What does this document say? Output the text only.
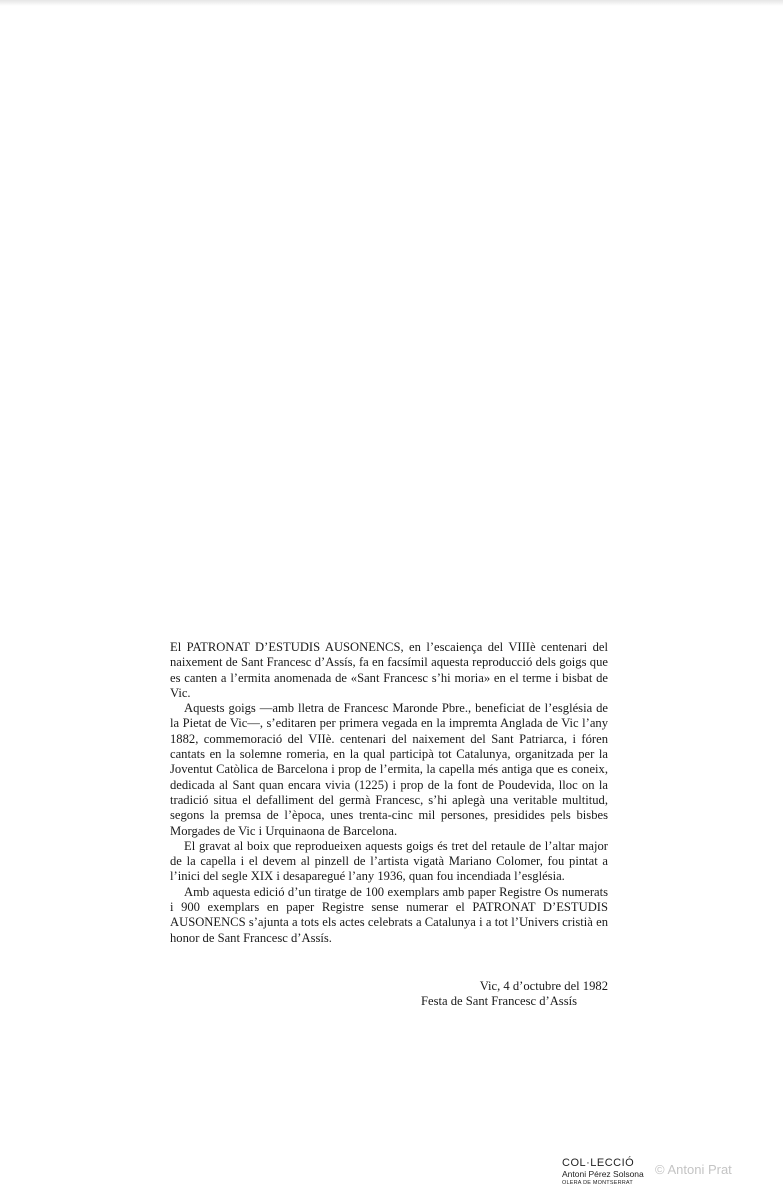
El PATRONAT D’ESTUDIS AUSONENCS, en l’escaiença del VIIIè centenari del naixement de Sant Francesc d’Assís, fa en facsímil aquesta reproducció dels goigs que es canten a l’ermita anomenada de «Sant Francesc s’hi moria» en el terme i bisbat de Vic.

Aquests goigs —amb lletra de Francesc Maronde Pbre., beneficiat de l’església de la Pietat de Vic—, s’editaren per primera vegada en la impremta Anglada de Vic l’any 1882, commemoració del VIIè. centenari del naixement del Sant Patriarca, i fóren cantats en la solemne romeria, en la qual participà tot Catalunya, organitzada per la Joventut Catòlica de Barcelona i prop de l’ermita, la capella més antiga que es coneix, dedicada al Sant quan encara vivia (1225) i prop de la font de Poudevida, lloc on la tradició situa el defalliment del germà Francesc, s’hi aplegà una veritable multitud, segons la premsa de l’època, unes trenta-cinc mil persones, presidides pels bisbes Morgades de Vic i Urquinaona de Barcelona.

El gravat al boix que reprodueixen aquests goigs és tret del retaule de l’altar major de la capella i el devem al pinzell de l’artista vigatà Mariano Colomer, fou pintat a l’inici del segle XIX i desaparegué l’any 1936, quan fou incendiada l’església.

Amb aquesta edició d’un tiratge de 100 exemplars amb paper Registre Os numerats i 900 exemplars en paper Registre sense numerar el PATRONAT D’ESTUDIS AUSONENCS s’ajunta a tots els actes celebrats a Catalunya i a tot l’Univers cristià en honor de Sant Francesc d’Assís.

Vic, 4 d’octubre del 1982
Festa de Sant Francesc d’Assís
COL·LECCIÓ
Antoni Pérez Solsona
OLERA DE MONTSERRAT
© Antoni Prat
